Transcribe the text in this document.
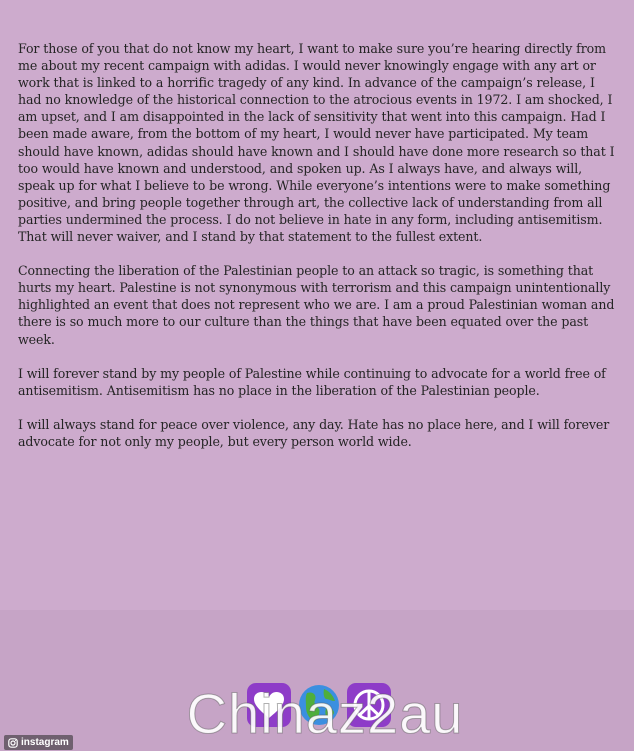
For those of you that do not know my heart, I want to make sure you’re hearing directly from me about my recent campaign with adidas. I would never knowingly engage with any art or work that is linked to a horrific tragedy of any kind. In advance of the campaign’s release, I had no knowledge of the historical connection to the atrocious events in 1972. I am shocked, I am upset, and I am disappointed in the lack of sensitivity that went into this campaign. Had I been made aware, from the bottom of my heart, I would never have participated. My team should have known, adidas should have known and I should have done more research so that I too would have known and understood, and spoken up. As I always have, and always will, speak up for what I believe to be wrong. While everyone’s intentions were to make something positive, and bring people together through art, the collective lack of understanding from all parties undermined the process. I do not believe in hate in any form, including antisemitism. That will never waiver, and I stand by that statement to the fullest extent.

Connecting the liberation of the Palestinian people to an attack so tragic, is something that hurts my heart. Palestine is not synonymous with terrorism and this campaign unintentionally highlighted an event that does not represent who we are. I am a proud Palestinian woman and there is so much more to our culture than the things that have been equated over the past week.

I will forever stand by my people of Palestine while continuing to advocate for a world free of antisemitism. Antisemitism has no place in the liberation of the Palestinian people.

I will always stand for peace over violence, any day. Hate has no place here, and I will forever advocate for not only my people, but every person world wide.

Chinaz2au
instagram
